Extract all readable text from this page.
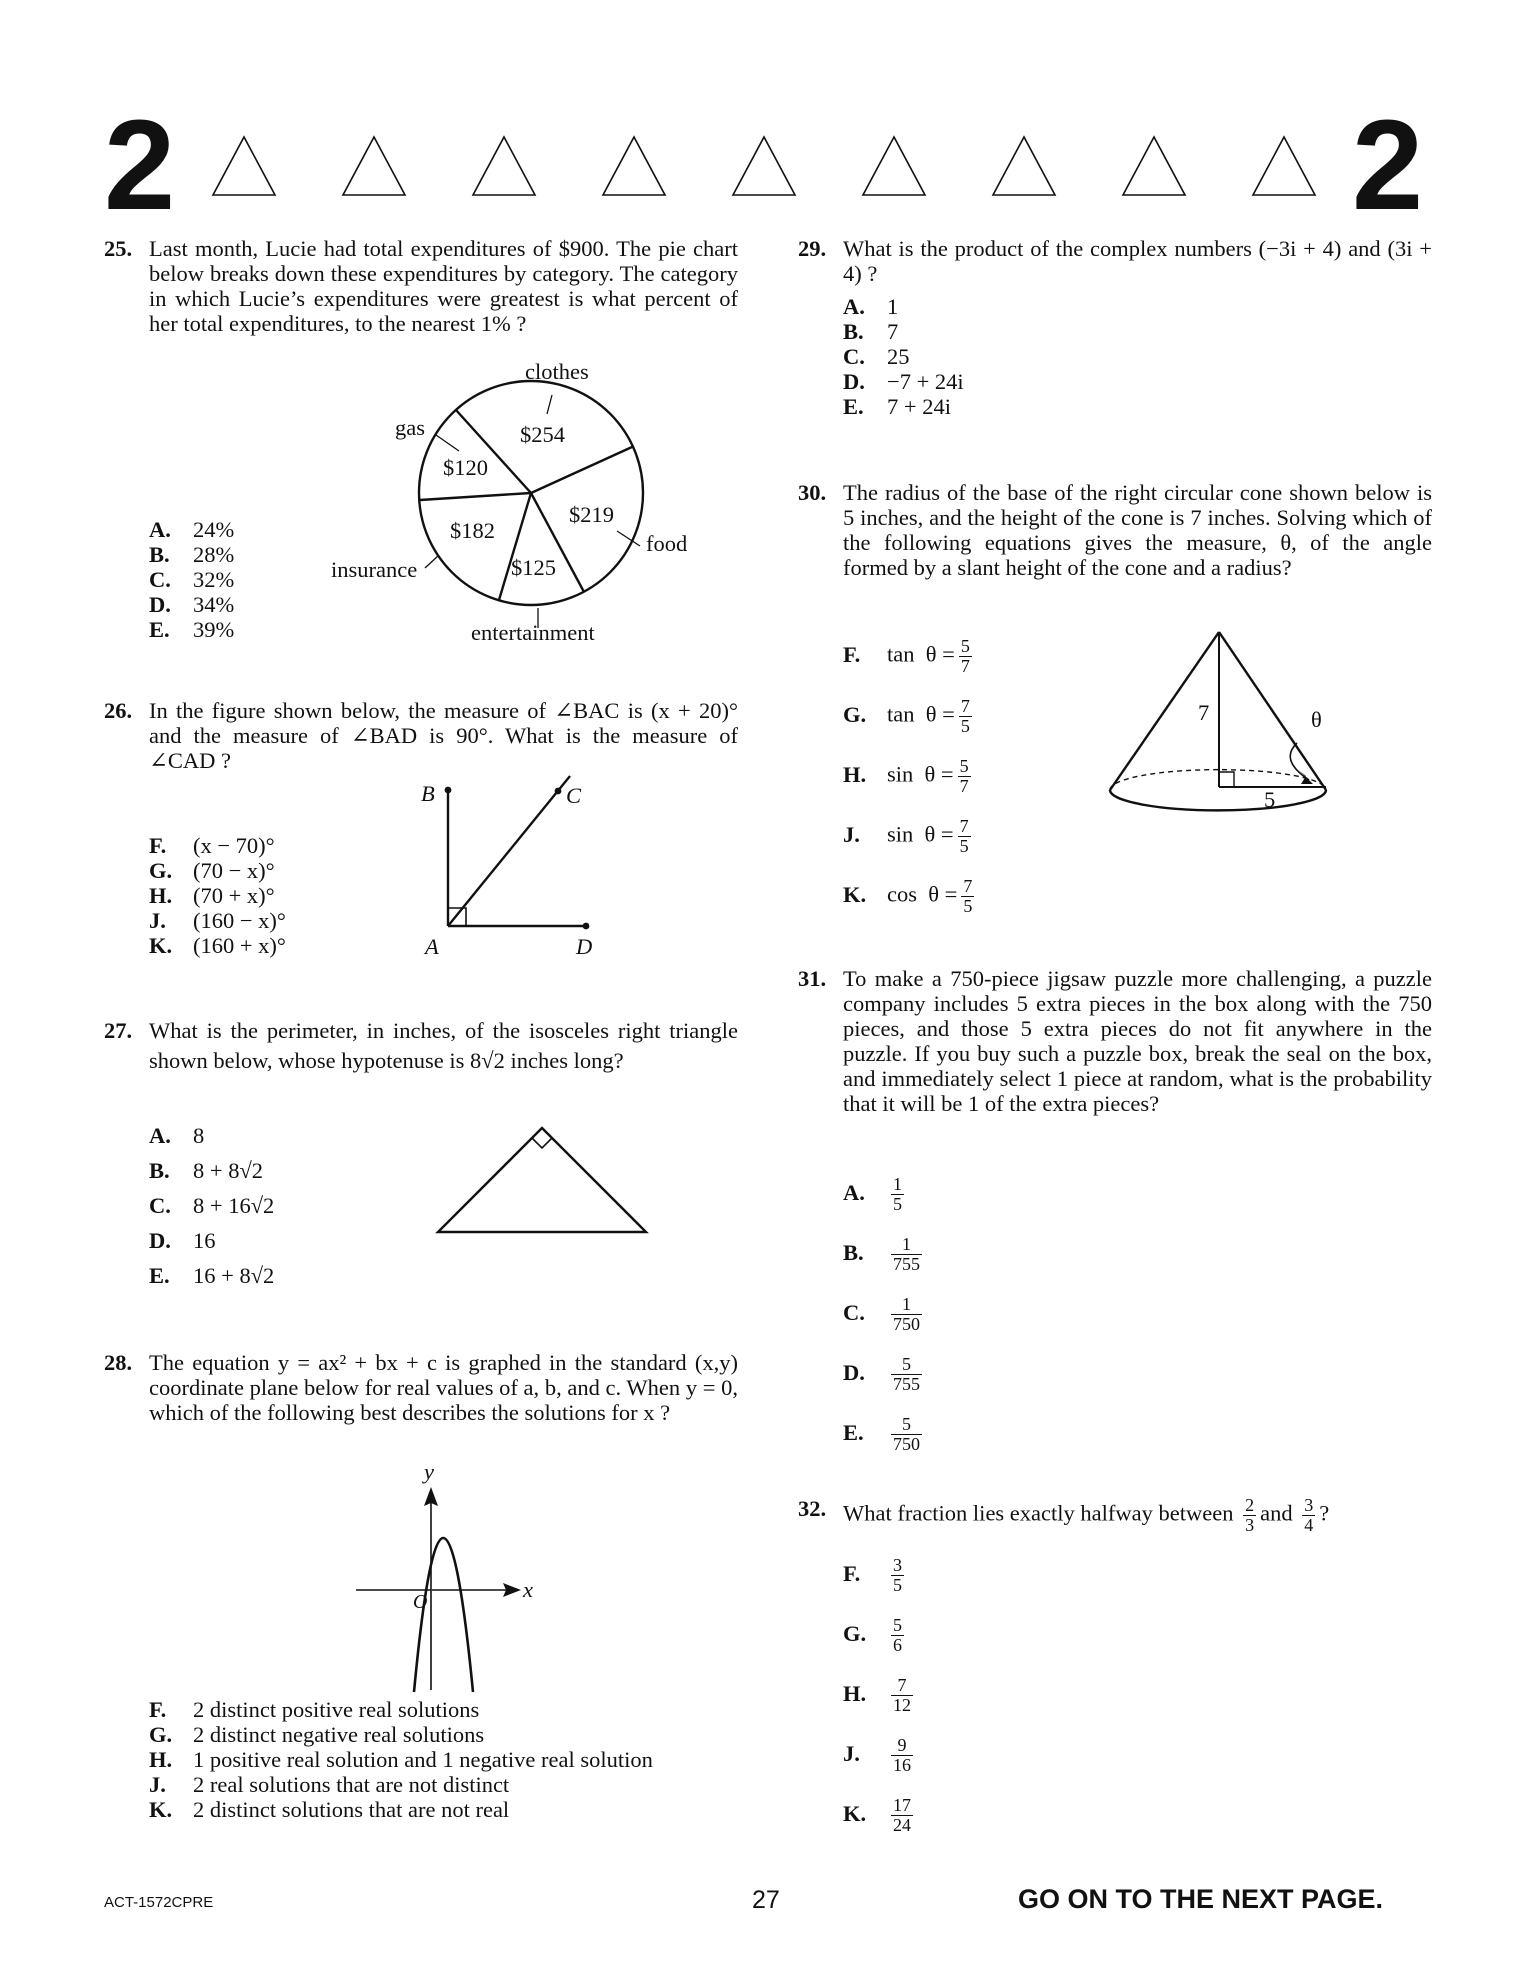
2	2
25. Last month, Lucie had total expenditures of $900. The pie chart below breaks down these expenditures by category. The category in which Lucie’s expenditures were greatest is what percent of her total expenditures, to the nearest 1% ?
clothes
gas
food
insurance
entertainment
$254
$120
$219
$182
$125
A. 24%
B. 28%
C. 32%
D. 34%
E. 39%
26. In the figure shown below, the measure of ∠BAC is (x + 20)° and the measure of ∠BAD is 90°. What is the measure of ∠CAD ?
B	C
A	D
F. (x − 70)°
G. (70 − x)°
H. (70 + x)°
J. (160 − x)°
K. (160 + x)°
27. What is the perimeter, in inches, of the isosceles right triangle shown below, whose hypotenuse is 8√2 inches long?
A. 8
B. 8 + 8√2
C. 8 + 16√2
D. 16
E. 16 + 8√2
28. The equation y = ax² + bx + c is graphed in the standard (x,y) coordinate plane below for real values of a, b, and c. When y = 0, which of the following best describes the solutions for x ?
y
x
O
F. 2 distinct positive real solutions
G. 2 distinct negative real solutions
H. 1 positive real solution and 1 negative real solution
J. 2 real solutions that are not distinct
K. 2 distinct solutions that are not real
29. What is the product of the complex numbers (−3i + 4) and (3i + 4) ?
A. 1
B. 7
C. 25
D. −7 + 24i
E. 7 + 24i
30. The radius of the base of the right circular cone shown below is 5 inches, and the height of the cone is 7 inches. Solving which of the following equations gives the measure, θ, of the angle formed by a slant height of the cone and a radius?
7
5
θ
F. $\tan \theta = \frac{5}{7}$
G. $\tan \theta = \frac{7}{5}$
H. $\sin \theta = \frac{5}{7}$
J. $\sin \theta = \frac{7}{5}$
K. $\cos \theta = \frac{7}{5}$
31. To make a 750-piece jigsaw puzzle more challenging, a puzzle company includes 5 extra pieces in the box along with the 750 pieces, and those 5 extra pieces do not fit anywhere in the puzzle. If you buy such a puzzle box, break the seal on the box, and immediately select 1 piece at random, what is the probability that it will be 1 of the extra pieces?
A. $\frac{1}{5}$
B. $\frac{1}{755}$
C. $\frac{1}{750}$
D. $\frac{5}{755}$
E. $\frac{5}{750}$
32. What fraction lies exactly halfway between $\frac{2}{3}$ and $\frac{3}{4}$ ?
F. $\frac{3}{5}$
G. $\frac{5}{6}$
H. $\frac{7}{12}$
J. $\frac{9}{16}$
K. $\frac{17}{24}$
ACT-1572CPRE	27	GO ON TO THE NEXT PAGE.
